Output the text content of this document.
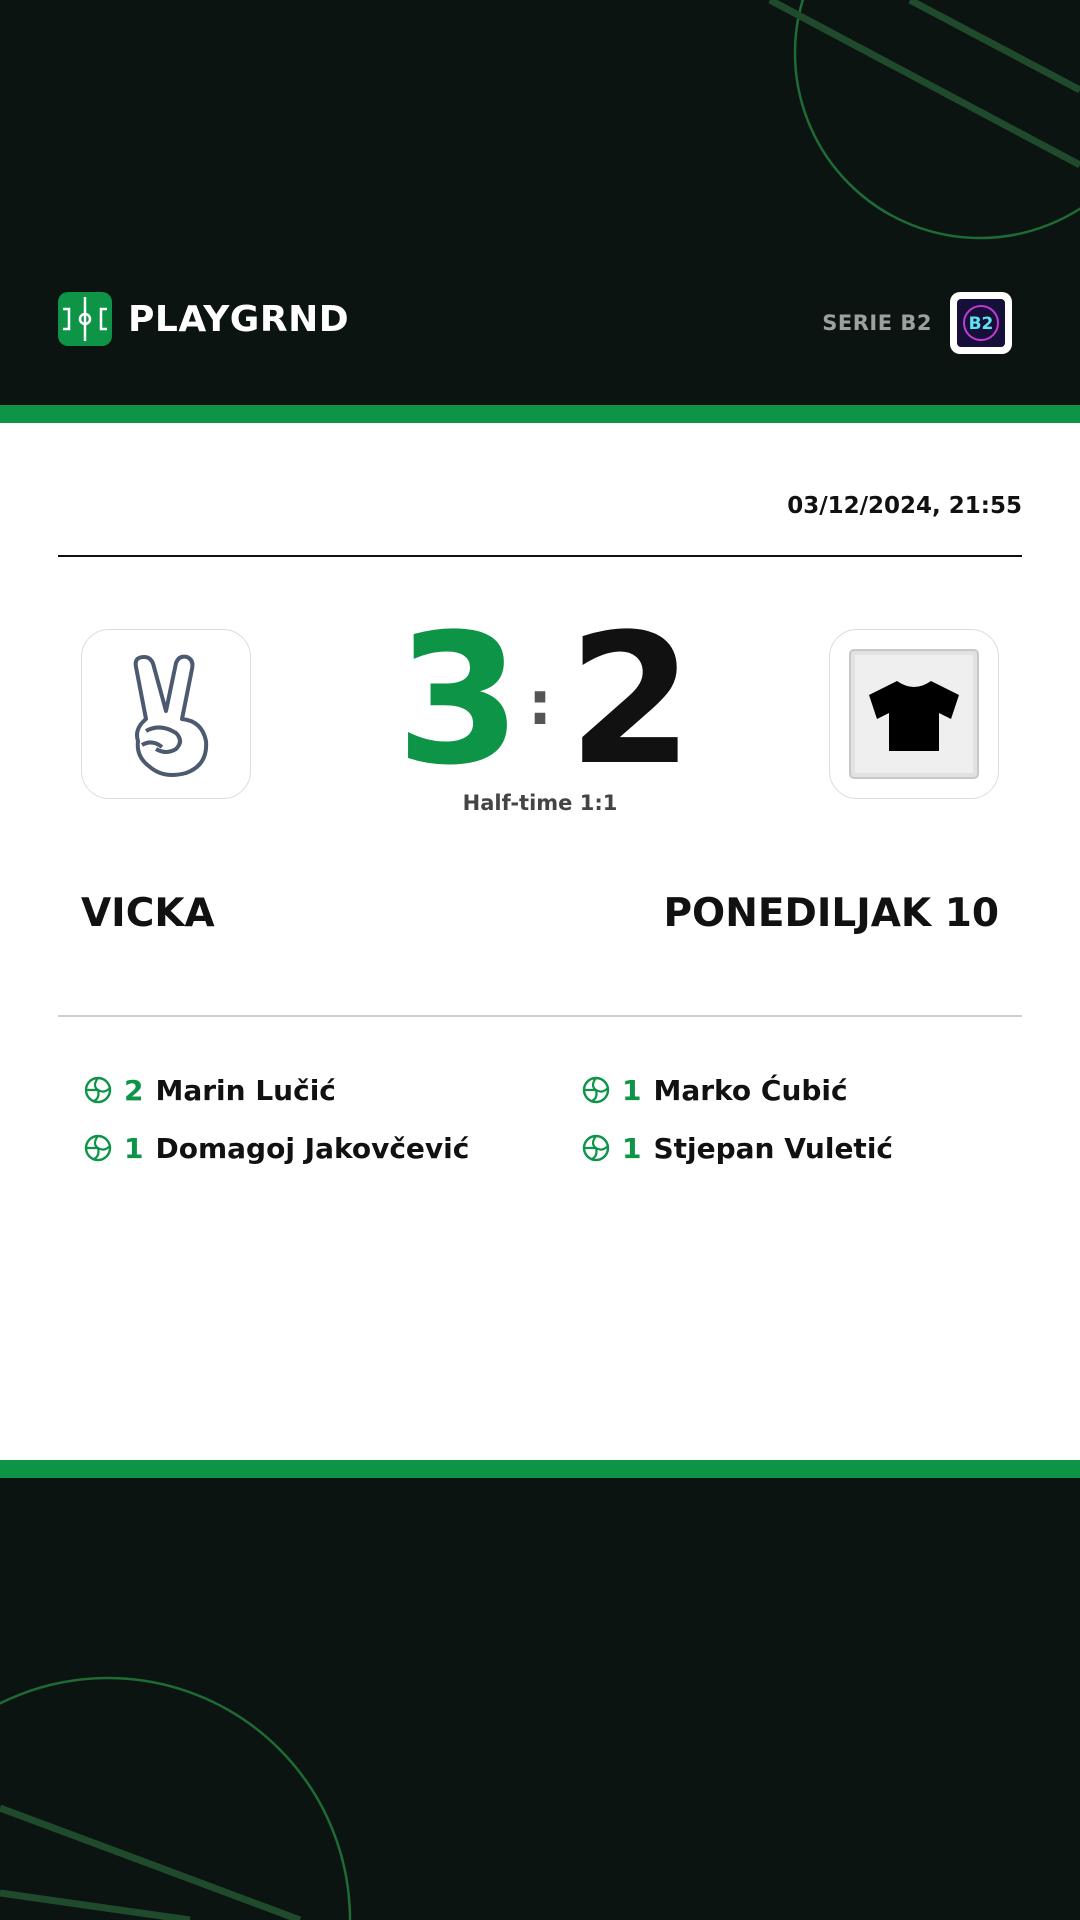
PLAYGRND	SERIE B2 B2
03/12/2024, 21:55
3 : 2
Half-time 1:1
VICKA	PONEDILJAK 10
2 Marin Lučić
1 Domagoj Jakovčević
1 Marko Ćubić
1 Stjepan Vuletić
